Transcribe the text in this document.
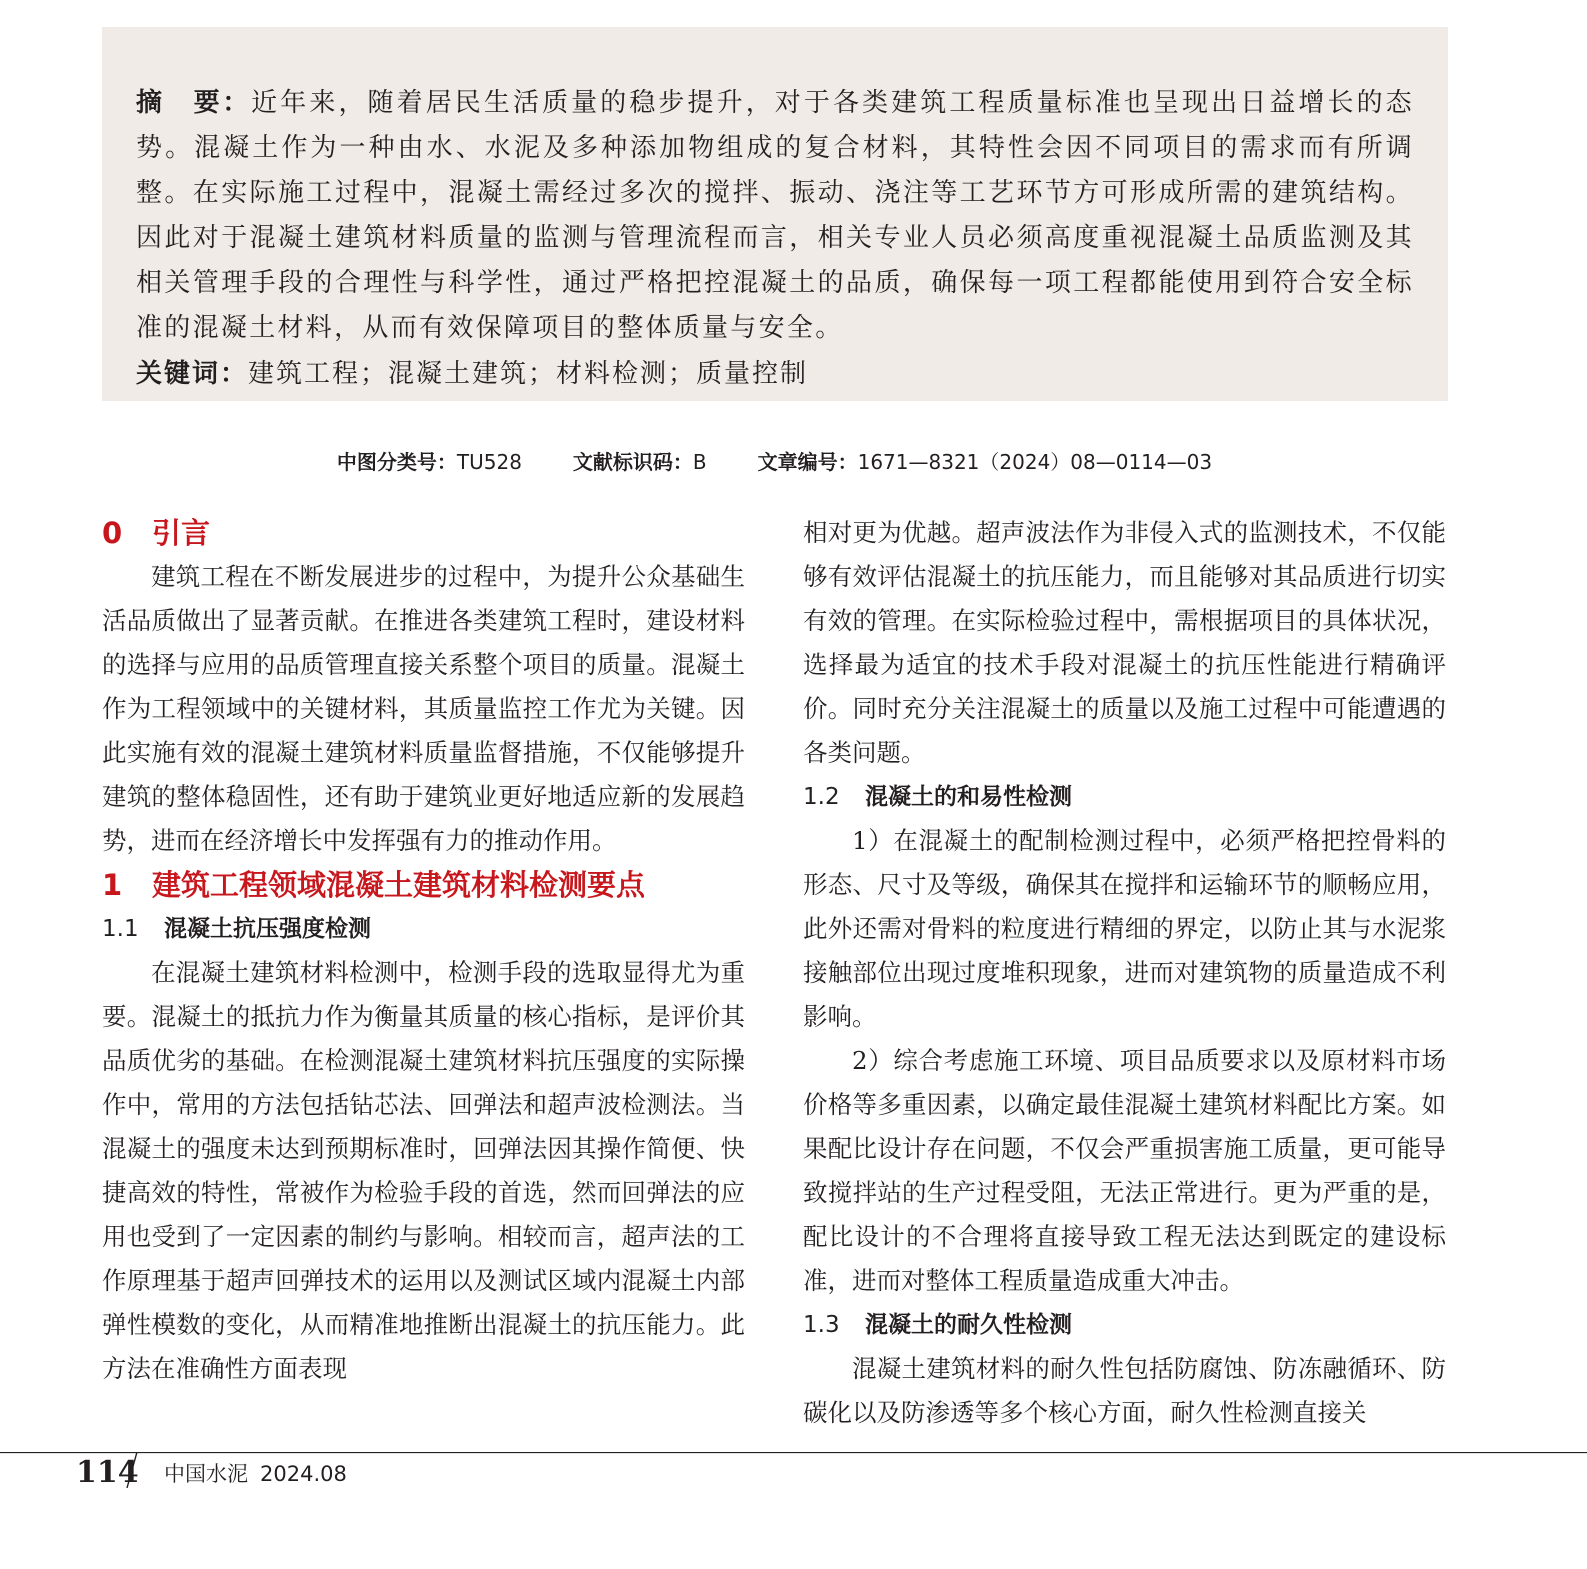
摘　要：近年来，随着居民生活质量的稳步提升，对于各类建筑工程质量标准也呈现出日益增长的态势。混凝土作为一种由水、水泥及多种添加物组成的复合材料，其特性会因不同项目的需求而有所调整。在实际施工过程中，混凝土需经过多次的搅拌、振动、浇注等工艺环节方可形成所需的建筑结构。因此对于混凝土建筑材料质量的监测与管理流程而言，相关专业人员必须高度重视混凝土品质监测及其相关管理手段的合理性与科学性，通过严格把控混凝土的品质，确保每一项工程都能使用到符合安全标准的混凝土材料，从而有效保障项目的整体质量与安全。

关键词：建筑工程；混凝土建筑；材料检测；质量控制

中图分类号：TU528	文献标识码：B	文章编号：1671—8321（2024）08—0114—03

0 引言

建筑工程在不断发展进步的过程中，为提升公众基础生活品质做出了显著贡献。在推进各类建筑工程时，建设材料的选择与应用的品质管理直接关系整个项目的质量。混凝土作为工程领域中的关键材料，其质量监控工作尤为关键。因此实施有效的混凝土建筑材料质量监督措施，不仅能够提升建筑的整体稳固性，还有助于建筑业更好地适应新的发展趋势，进而在经济增长中发挥强有力的推动作用。

1 建筑工程领域混凝土建筑材料检测要点

1.1 混凝土抗压强度检测

在混凝土建筑材料检测中，检测手段的选取显得尤为重要。混凝土的抵抗力作为衡量其质量的核心指标，是评价其品质优劣的基础。在检测混凝土建筑材料抗压强度的实际操作中，常用的方法包括钻芯法、回弹法和超声波检测法。当混凝土的强度未达到预期标准时，回弹法因其操作简便、快捷高效的特性，常被作为检验手段的首选，然而回弹法的应用也受到了一定因素的制约与影响。相较而言，超声法的工作原理基于超声回弹技术的运用以及测试区域内混凝土内部弹性模数的变化，从而精准地推断出混凝土的抗压能力。此方法在准确性方面表现

相对更为优越。超声波法作为非侵入式的监测技术，不仅能够有效评估混凝土的抗压能力，而且能够对其品质进行切实有效的管理。在实际检验过程中，需根据项目的具体状况，选择最为适宜的技术手段对混凝土的抗压性能进行精确评价。同时充分关注混凝土的质量以及施工过程中可能遭遇的各类问题。

1.2 混凝土的和易性检测

1）在混凝土的配制检测过程中，必须严格把控骨料的形态、尺寸及等级，确保其在搅拌和运输环节的顺畅应用，此外还需对骨料的粒度进行精细的界定，以防止其与水泥浆接触部位出现过度堆积现象，进而对建筑物的质量造成不利影响。

2）综合考虑施工环境、项目品质要求以及原材料市场价格等多重因素，以确定最佳混凝土建筑材料配比方案。如果配比设计存在问题，不仅会严重损害施工质量，更可能导致搅拌站的生产过程受阻，无法正常进行。更为严重的是，配比设计的不合理将直接导致工程无法达到既定的建设标准，进而对整体工程质量造成重大冲击。

1.3 混凝土的耐久性检测

混凝土建筑材料的耐久性包括防腐蚀、防冻融循环、防碳化以及防渗透等多个核心方面，耐久性检测直接关

114 中国水泥 2024.08
